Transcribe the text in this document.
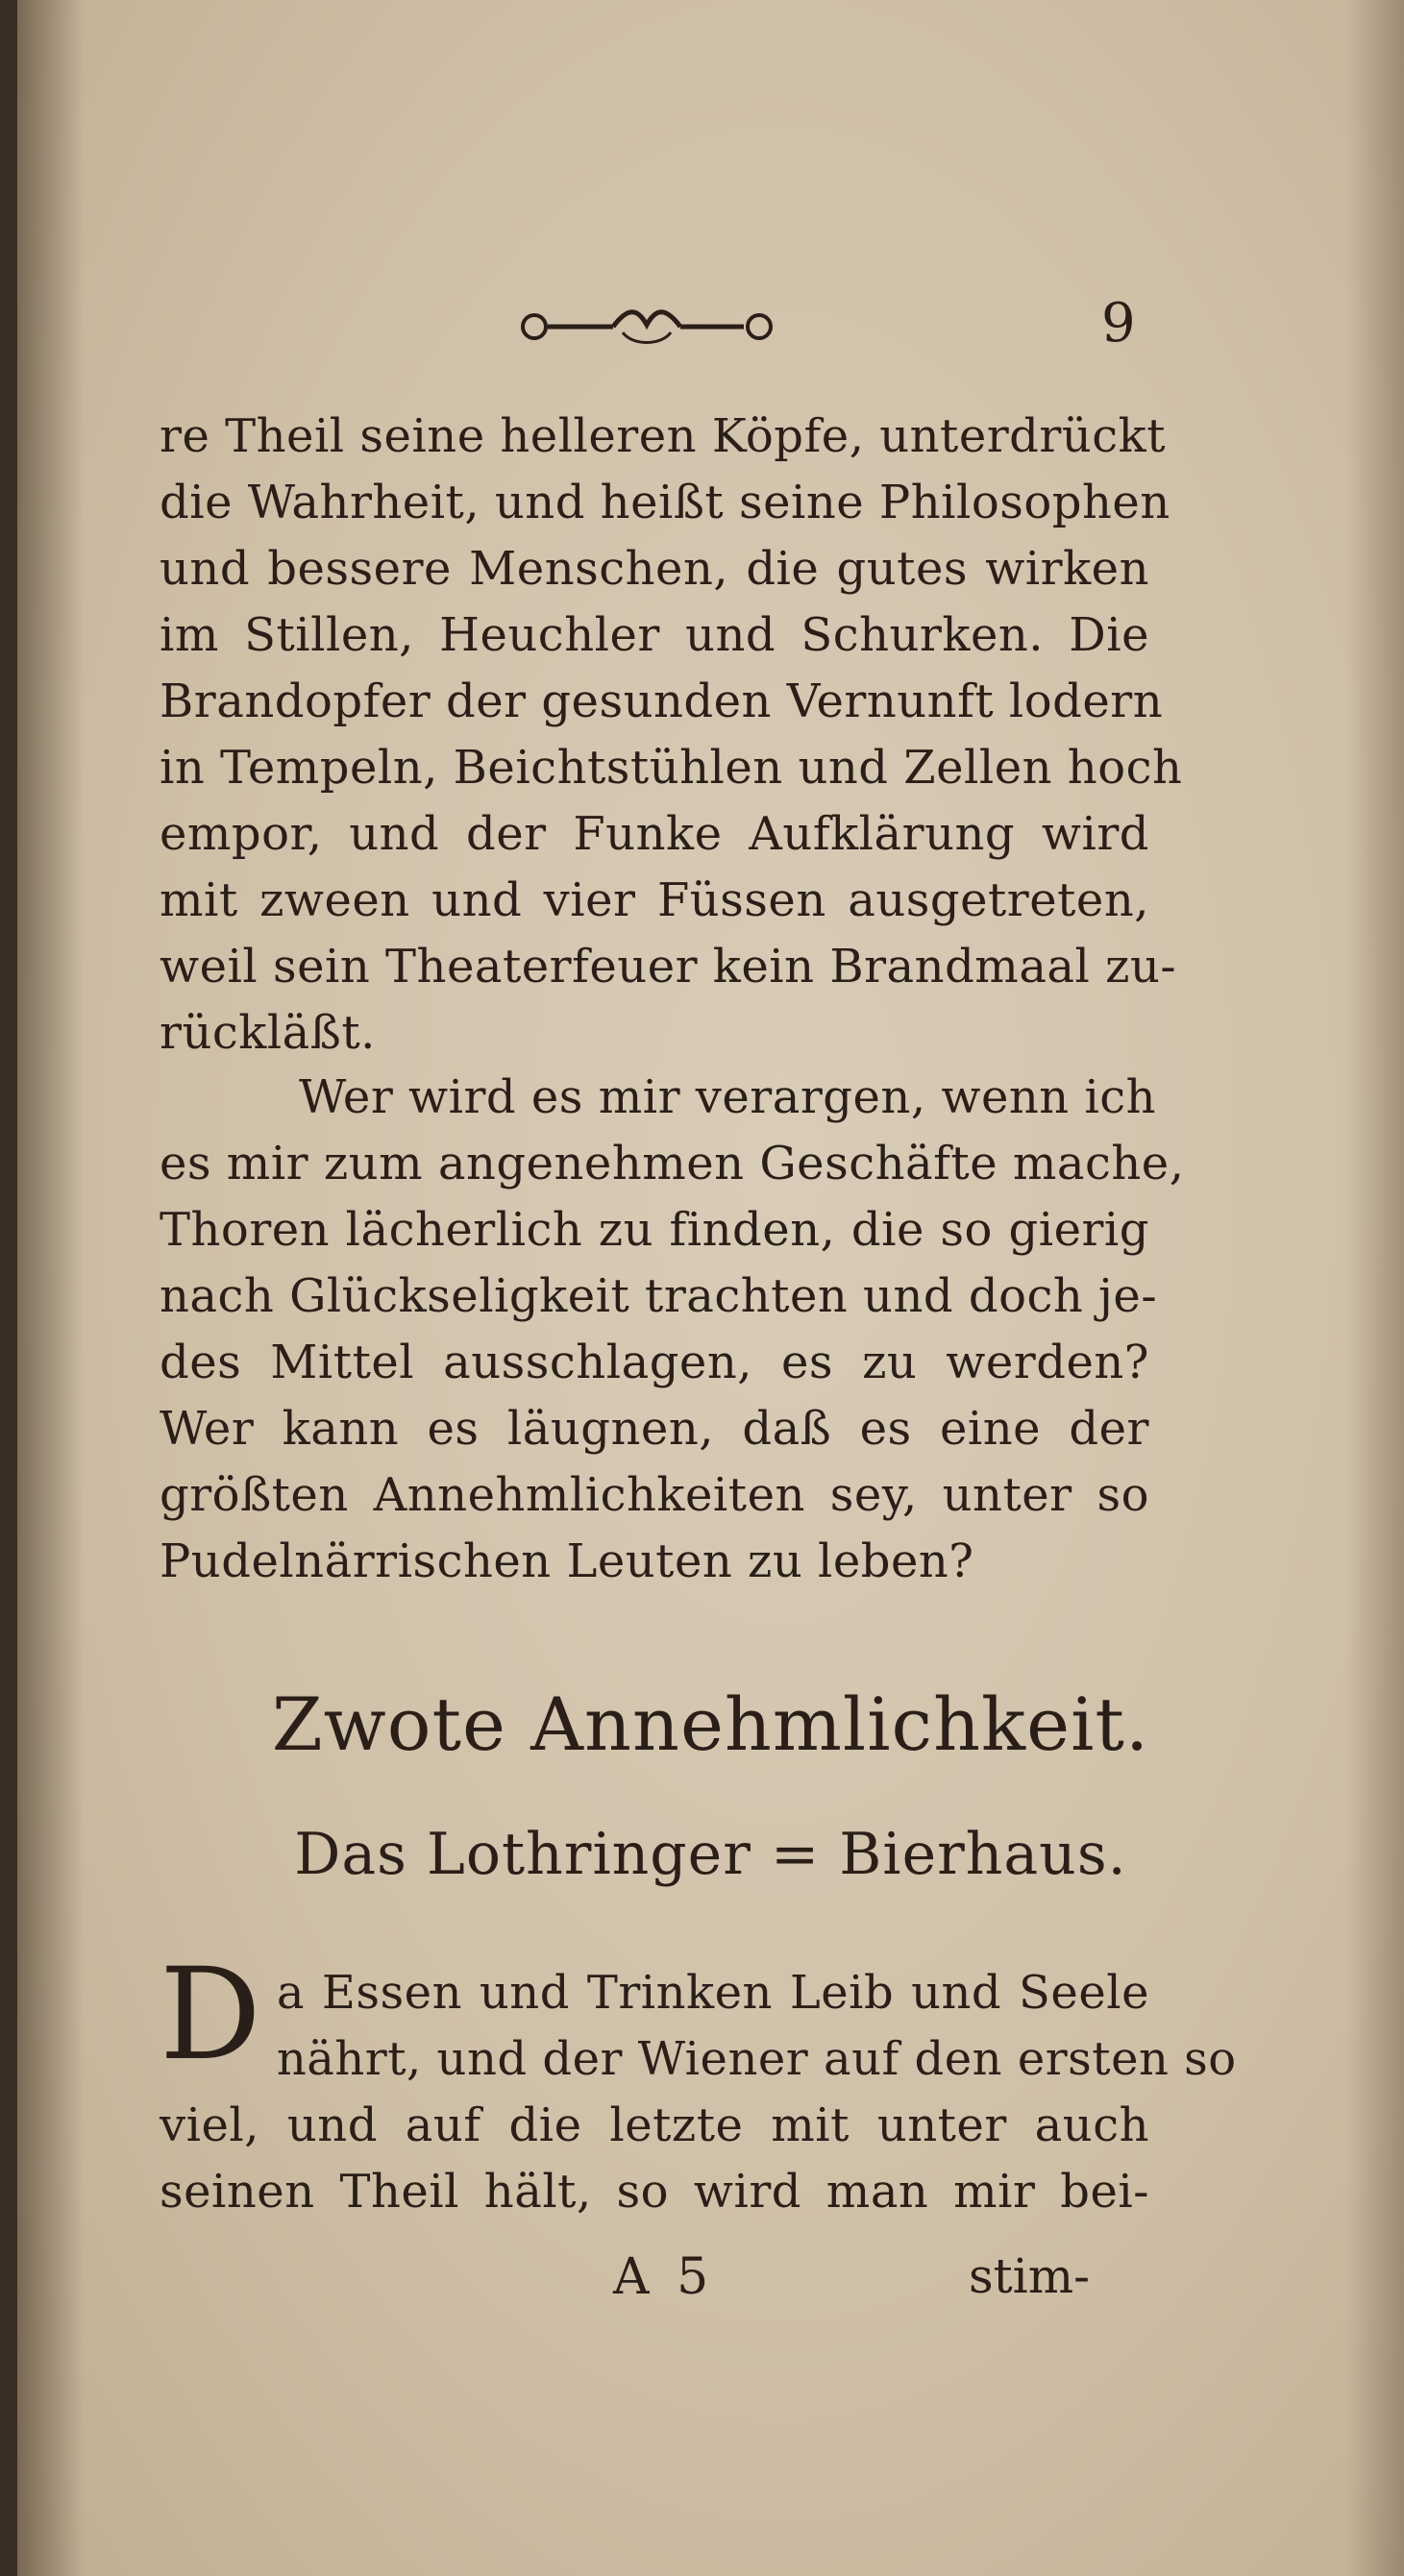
9
re Theil seine helleren Köpfe, unterdrückt
die Wahrheit, und heißt seine Philosophen
und bessere Menschen, die gutes wirken
im Stillen, Heuchler und Schurken. Die
Brandopfer der gesunden Vernunft lodern
in Tempeln, Beichtstühlen und Zellen hoch
empor, und der Funke Aufklärung wird
mit zween und vier Füssen ausgetreten,
weil sein Theaterfeuer kein Brandmaal zu-
rückläßt.
Wer wird es mir verargen, wenn ich
es mir zum angenehmen Geschäfte mache,
Thoren lächerlich zu finden, die so gierig
nach Glückseligkeit trachten und doch je-
des Mittel ausschlagen, es zu werden?
Wer kann es läugnen, daß es eine der
größten Annehmlichkeiten sey, unter so
Pudelnärrischen Leuten zu leben?
Zwote Annehmlichkeit.
Das Lothringer = Bierhaus.
D a Essen und Trinken Leib und Seele
nährt, und der Wiener auf den ersten so
viel, und auf die letzte mit unter auch
seinen Theil hält, so wird man mir bei-
A 5	stim-
